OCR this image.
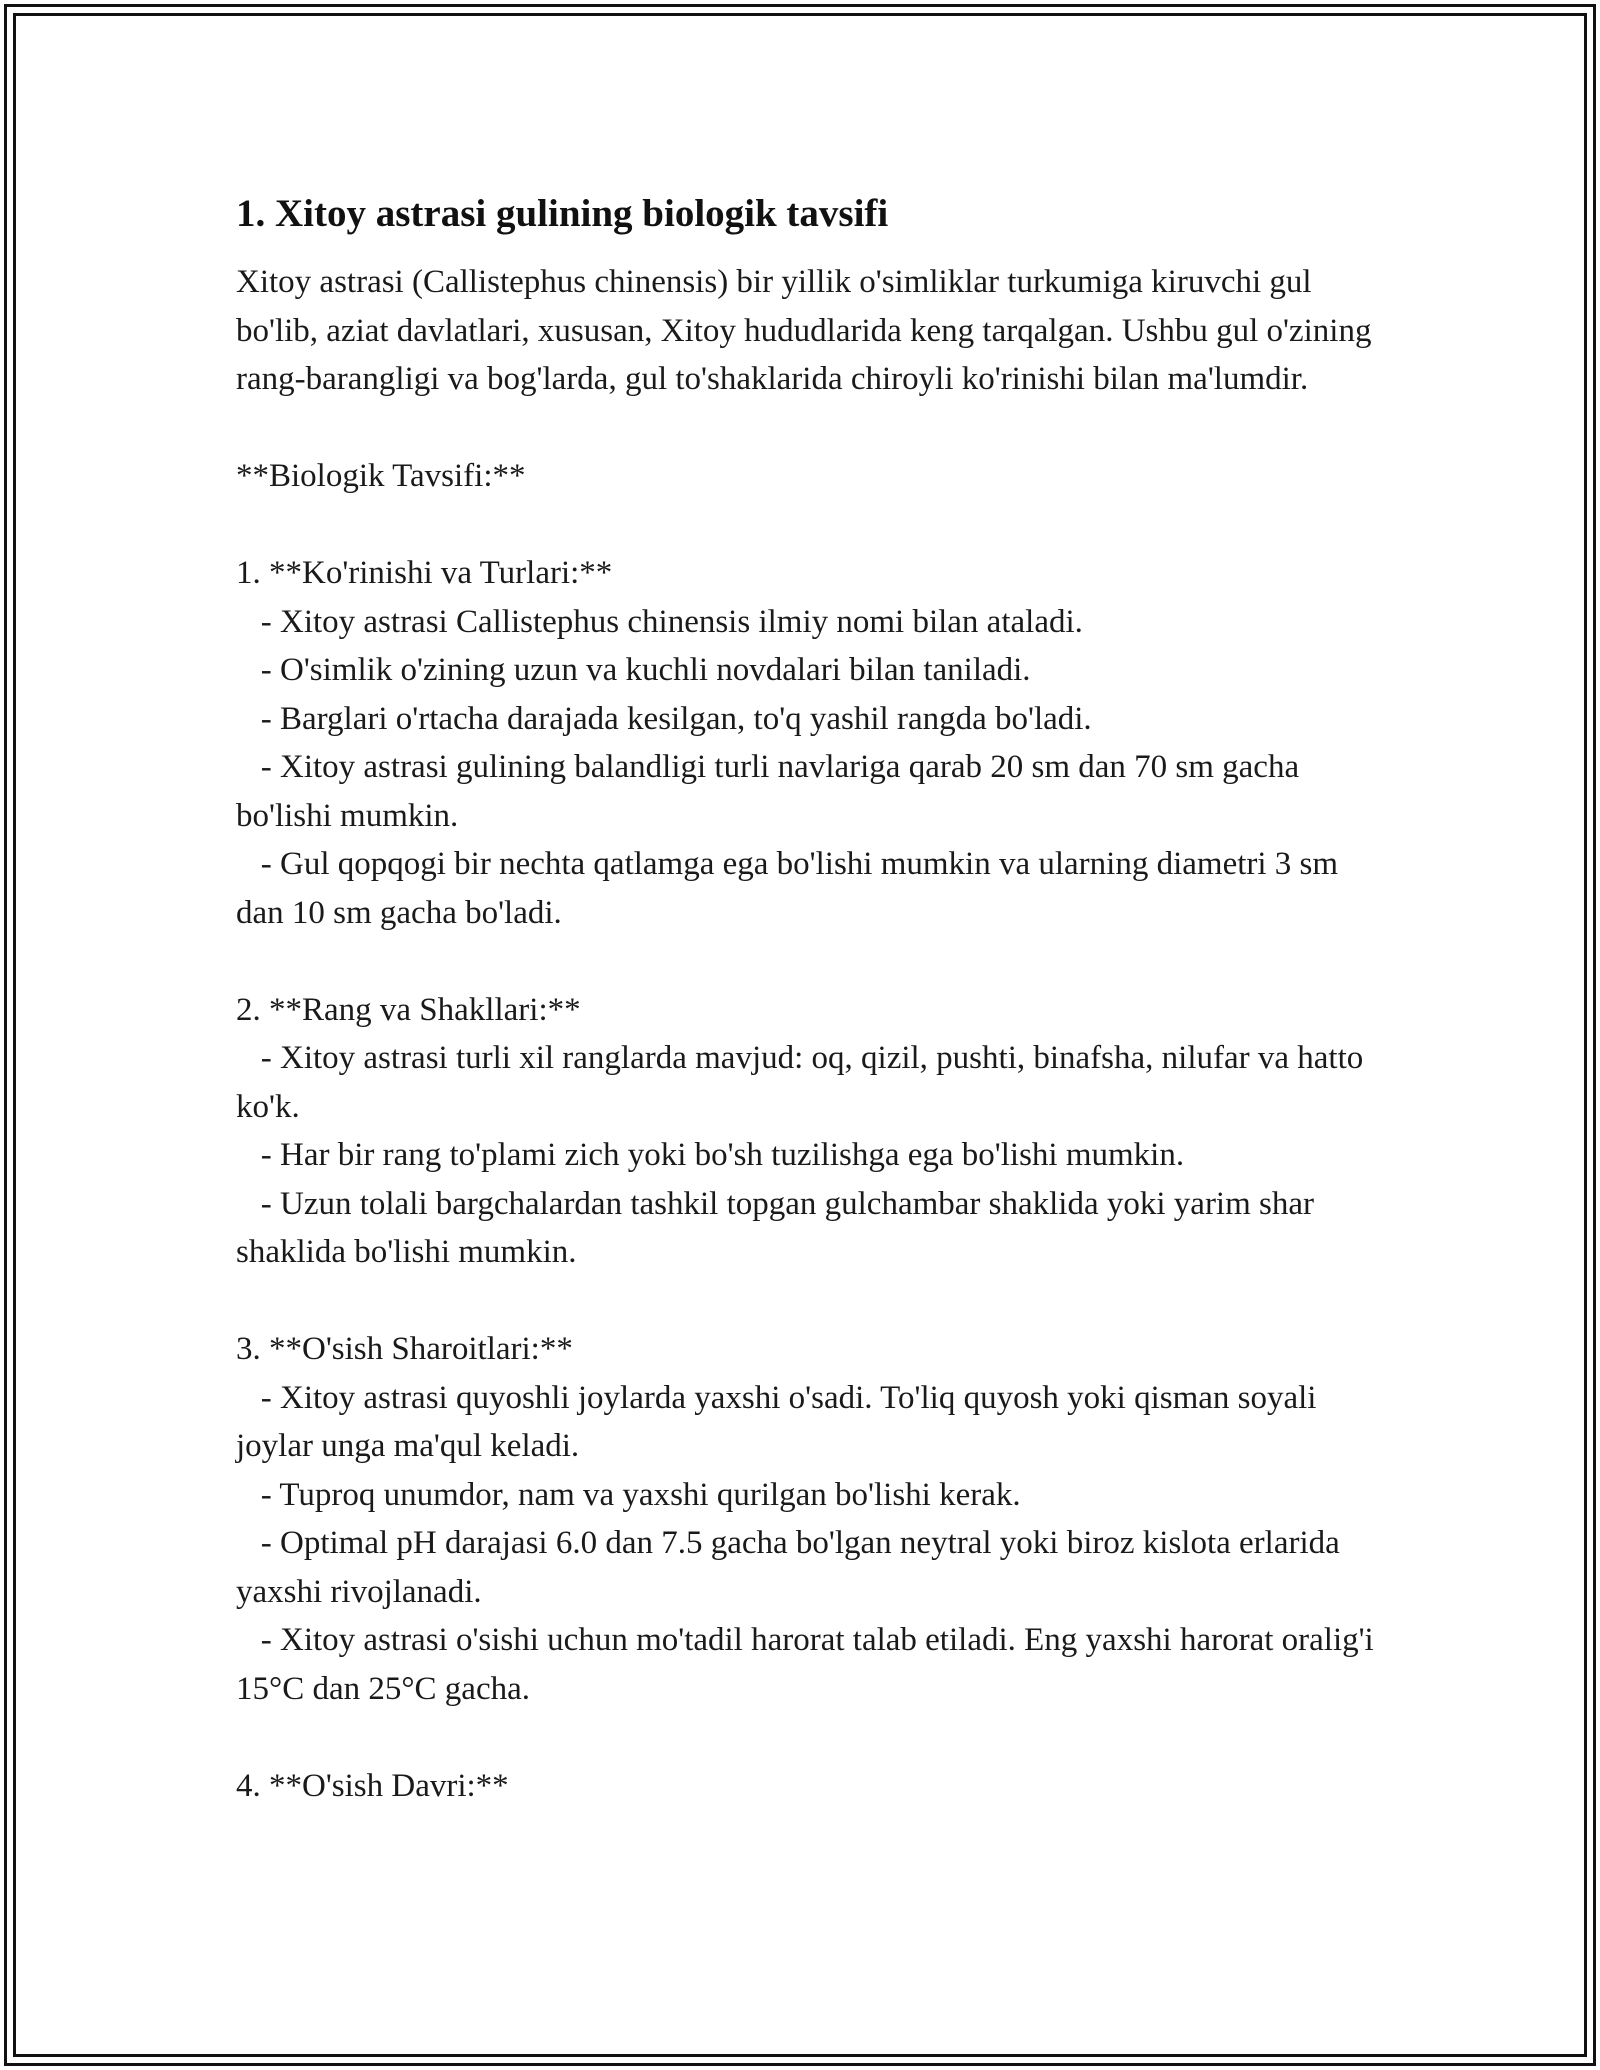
1. Xitoy astrasi gulining biologik tavsifi

Xitoy astrasi (Callistephus chinensis) bir yillik o'simliklar turkumiga kiruvchi gul bo'lib, aziat davlatlari, xususan, Xitoy hududlarida keng tarqalgan. Ushbu gul o'zining rang-barangligi va bog'larda, gul to'shaklarida chiroyli ko'rinishi bilan ma'lumdir.

**Biologik Tavsifi:**

1. **Ko'rinishi va Turlari:**

- Xitoy astrasi Callistephus chinensis ilmiy nomi bilan ataladi.

- O'simlik o'zining uzun va kuchli novdalari bilan taniladi.

- Barglari o'rtacha darajada kesilgan, to'q yashil rangda bo'ladi.

- Xitoy astrasi gulining balandligi turli navlariga qarab 20 sm dan 70 sm gacha bo'lishi mumkin.

- Gul qopqogi bir nechta qatlamga ega bo'lishi mumkin va ularning diametri 3 sm dan 10 sm gacha bo'ladi.

2. **Rang va Shakllari:**

- Xitoy astrasi turli xil ranglarda mavjud: oq, qizil, pushti, binafsha, nilufar va hatto ko'k.

- Har bir rang to'plami zich yoki bo'sh tuzilishga ega bo'lishi mumkin.

- Uzun tolali bargchalardan tashkil topgan gulchambar shaklida yoki yarim shar shaklida bo'lishi mumkin.

3. **O'sish Sharoitlari:**

- Xitoy astrasi quyoshli joylarda yaxshi o'sadi. To'liq quyosh yoki qisman soyali joylar unga ma'qul keladi.

- Tuproq unumdor, nam va yaxshi qurilgan bo'lishi kerak.

- Optimal pH darajasi 6.0 dan 7.5 gacha bo'lgan neytral yoki biroz kislota erlarida yaxshi rivojlanadi.

- Xitoy astrasi o'sishi uchun mo'tadil harorat talab etiladi. Eng yaxshi harorat oralig'i 15°C dan 25°C gacha.

4. **O'sish Davri:**
